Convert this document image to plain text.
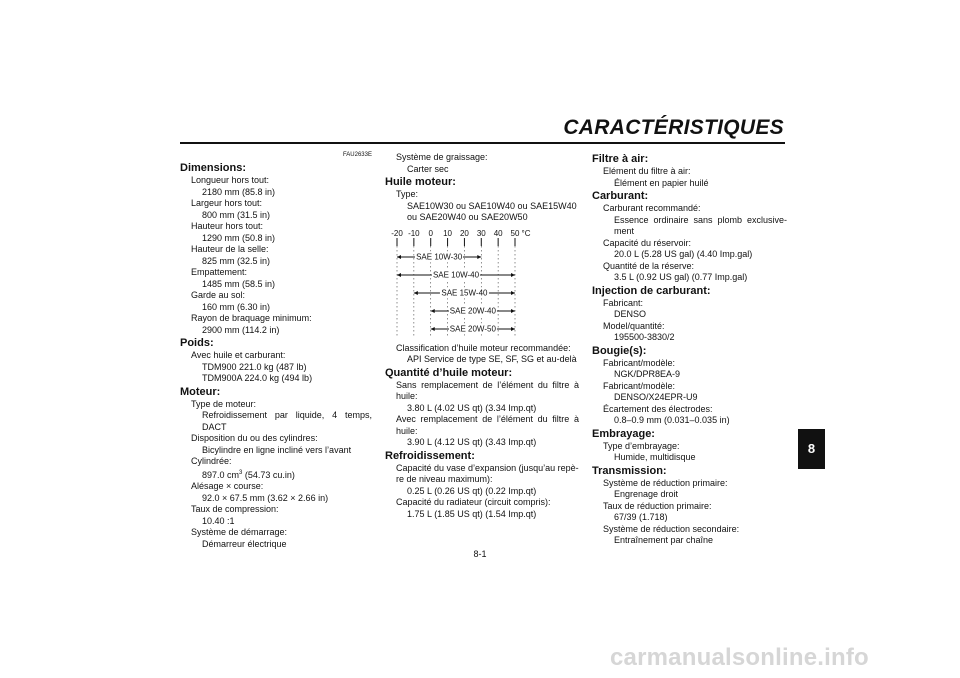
CARACTÉRISTIQUES
FAU2633E
Dimensions:
Longueur hors tout:
2180 mm (85.8 in)
Largeur hors tout:
800 mm (31.5 in)
Hauteur hors tout:
1290 mm (50.8 in)
Hauteur de la selle:
825 mm (32.5 in)
Empattement:
1485 mm (58.5 in)
Garde au sol:
160 mm (6.30 in)
Rayon de braquage minimum:
2900 mm (114.2 in)
Poids:
Avec huile et carburant:
TDM900 221.0 kg (487 lb)
TDM900A 224.0 kg (494 lb)
Moteur:
Type de moteur:
Refroidissement par liquide, 4 temps,
DACT
Disposition du ou des cylindres:
Bicylindre en ligne incliné vers l’avant
Cylindrée:
897.0 $cm^3$ (54.73 cu.in)
Alésage × course:
92.0 × 67.5 mm (3.62 × 2.66 in)
Taux de compression:
10.40 :1
Système de démarrage:
Démarreur électrique
Système de graissage:
Carter sec
Huile moteur:
Type:
SAE10W30 ou SAE10W40 ou SAE15W40
ou SAE20W40 ou SAE20W50
-20 -10 0 10 20 30 40 50 °C
SAE 10W-30
SAE 10W-40
SAE 15W-40
SAE 20W-40
SAE 20W-50
Classification d’huile moteur recommandée:
API Service de type SE, SF, SG et au-delà
Quantité d’huile moteur:
Sans remplacement de l’élément du filtre à
huile:
3.80 L (4.02 US qt) (3.34 Imp.qt)
Avec remplacement de l’élément du filtre à
huile:
3.90 L (4.12 US qt) (3.43 Imp.qt)
Refroidissement:
Capacité du vase d’expansion (jusqu’au repè-
re de niveau maximum):
0.25 L (0.26 US qt) (0.22 Imp.qt)
Capacité du radiateur (circuit compris):
1.75 L (1.85 US qt) (1.54 Imp.qt)
Filtre à air:
Elément du filtre à air:
Élément en papier huilé
Carburant:
Carburant recommandé:
Essence ordinaire sans plomb exclusive-
ment
Capacité du réservoir:
20.0 L (5.28 US gal) (4.40 Imp.gal)
Quantité de la réserve:
3.5 L (0.92 US gal) (0.77 Imp.gal)
Injection de carburant:
Fabricant:
DENSO
Model/quantité:
195500-3830/2
Bougie(s):
Fabricant/modèle:
NGK/DPR8EA-9
Fabricant/modèle:
DENSO/X24EPR-U9
Écartement des électrodes:
0.8–0.9 mm (0.031–0.035 in)
Embrayage:
Type d’embrayage:
Humide, multidisque
Transmission:
Système de réduction primaire:
Engrenage droit
Taux de réduction primaire:
67/39 (1.718)
Système de réduction secondaire:
Entraînement par chaîne
8
8-1
carmanualsonline.info
